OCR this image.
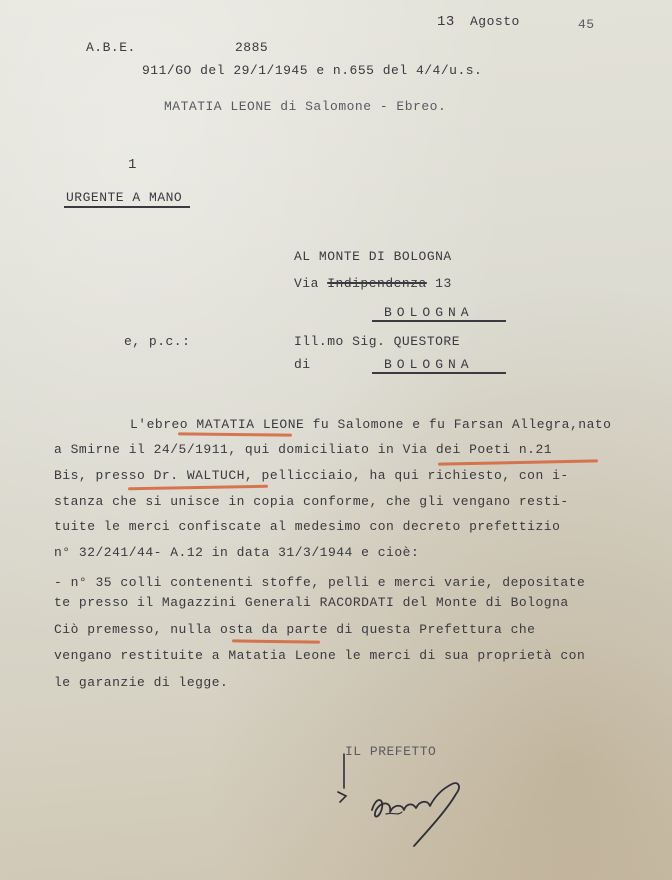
13 Agosto	45
A.B.E.	2885
911/GO del 29/1/1945 e n.655 del 4/4/u.s.
MATATIA LEONE di Salomone - Ebreo.
1
URGENTE A MANO
AL MONTE DI BOLOGNA
Via Indipendenza 13
BOLOGNA
e, p.c.:	Ill.mo Sig. QUESTORE
di	BOLOGNA
L'ebreo MATATIA LEONE fu Salomone e fu Farsan Allegra,nato
a Smirne il 24/5/1911, qui domiciliato in Via dei Poeti n.21
Bis, presso Dr. WALTUCH, pellicciaio, ha qui richiesto, con i-
stanza che si unisce in copia conforme, che gli vengano resti-
tuite le merci confiscate al medesimo con decreto prefettizio
n° 32/241/44- A.12 in data 31/3/1944 e cioè:
- n° 35 colli contenenti stoffe, pelli e merci varie, depositate
te presso il Magazzini Generali RACORDATI del Monte di Bologna
Ciò premesso, nulla osta da parte di questa Prefettura che
vengano restituite a Matatia Leone le merci di sua proprietà con
le garanzie di legge.
IL PREFETTO
